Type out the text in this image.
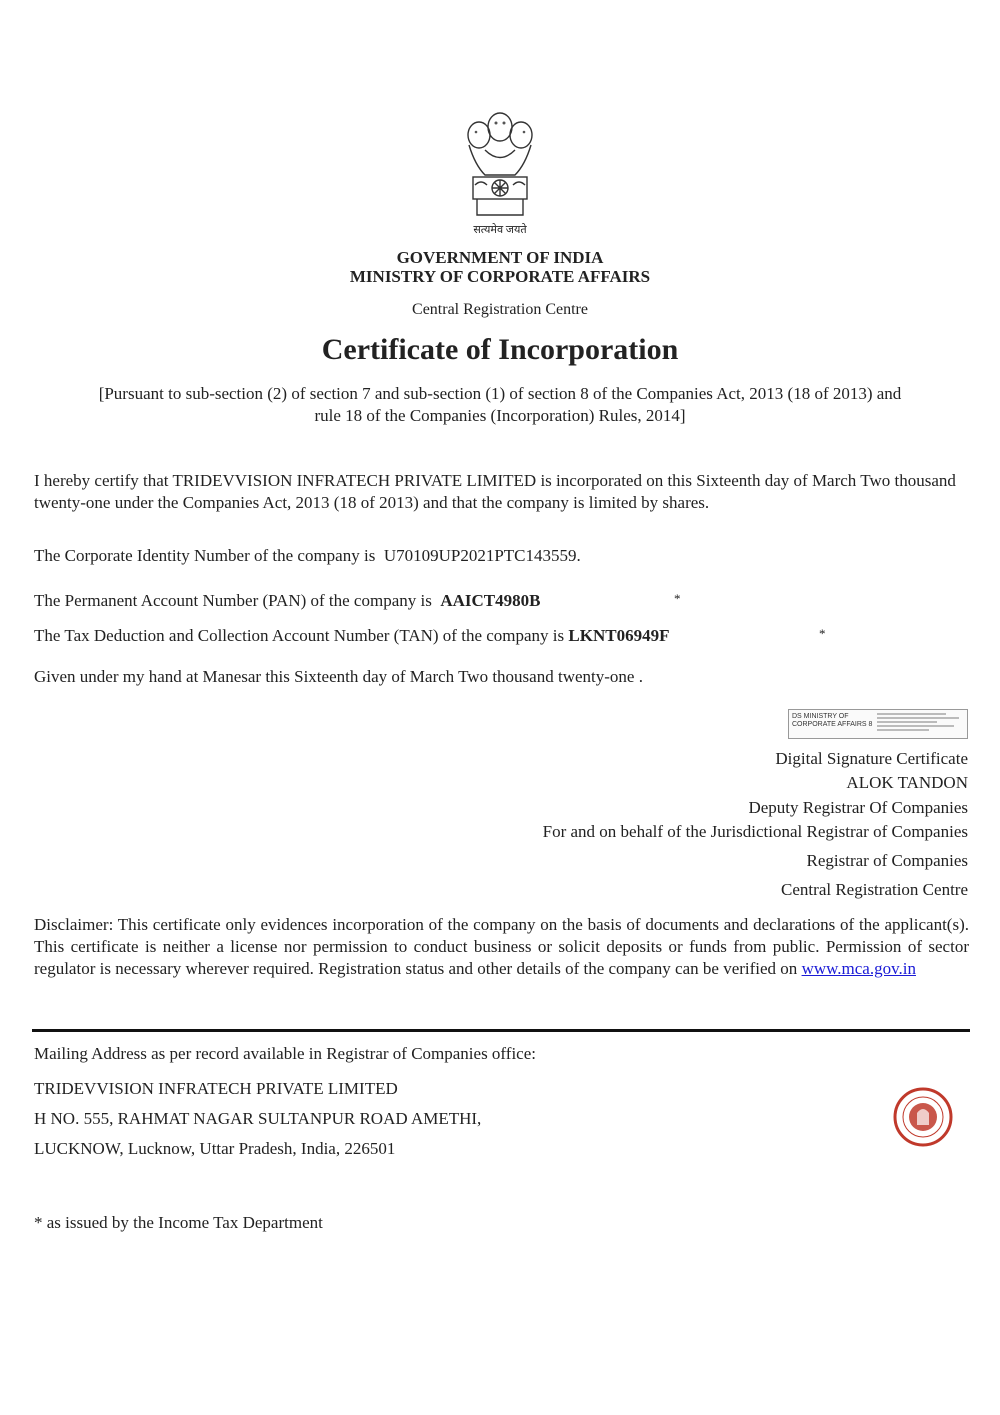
सत्यमेव जयते
GOVERNMENT OF INDIA
MINISTRY OF CORPORATE AFFAIRS
Central Registration Centre
Certificate of Incorporation
[Pursuant to sub-section (2) of section 7 and sub-section (1) of section 8 of the Companies Act, 2013 (18 of 2013) and
rule 18 of the Companies (Incorporation) Rules, 2014]
I hereby certify that TRIDEVVISION INFRATECH PRIVATE LIMITED is incorporated on this Sixteenth day of March Two thousand twenty-one under the Companies Act, 2013 (18 of 2013) and that the company is limited by shares.
The Corporate Identity Number of the company is U70109UP2021PTC143559.
The Permanent Account Number (PAN) of the company is AAICT4980B	*
The Tax Deduction and Collection Account Number (TAN) of the company is LKNT06949F	*
Given under my hand at Manesar this Sixteenth day of March Two thousand twenty-one .
DS MINISTRY OF
CORPORATE AFFAIRS 8
Digital Signature Certificate
ALOK TANDON
Deputy Registrar Of Companies
For and on behalf of the Jurisdictional Registrar of Companies
Registrar of Companies
Central Registration Centre
Disclaimer: This certificate only evidences incorporation of the company on the basis of documents and declarations of the applicant(s). This certificate is neither a license nor permission to conduct business or solicit deposits or funds from public. Permission of sector regulator is necessary wherever required. Registration status and other details of the company can be verified on www.mca.gov.in
Mailing Address as per record available in Registrar of Companies office:
TRIDEVVISION INFRATECH PRIVATE LIMITED
H NO. 555, RAHMAT NAGAR SULTANPUR ROAD AMETHI,
LUCKNOW, Lucknow, Uttar Pradesh, India, 226501
* as issued by the Income Tax Department
